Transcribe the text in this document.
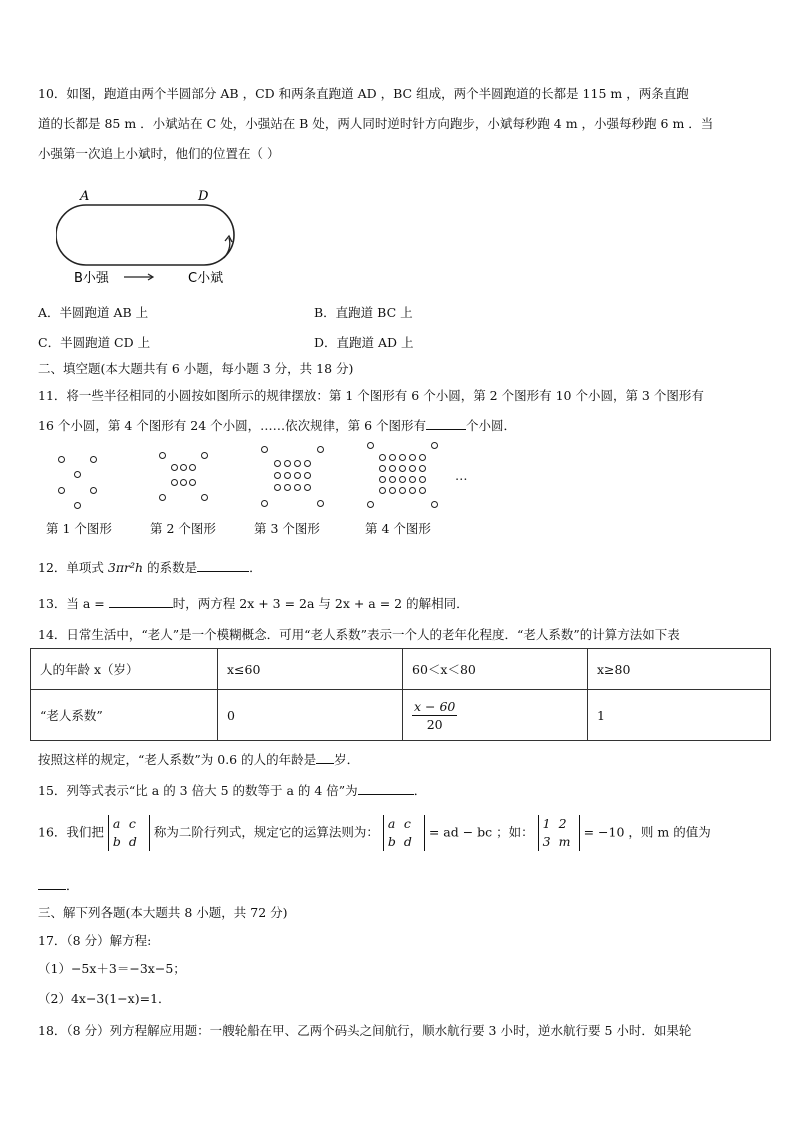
10．如图，跑道由两个半圆部分 AB ，CD 和两条直跑道 AD ，BC 组成，两个半圆跑道的长都是 115 m ，两条直跑
道的长都是 85 m ．小斌站在 C 处，小强站在 B 处，两人同时逆时针方向跑步，小斌每秒跑 4 m ，小强每秒跑 6 m ．当
小强第一次追上小斌时，他们的位置在（ ）
A	D
B小强	C小斌
A．半圆跑道 AB 上	B．直跑道 BC 上
C．半圆跑道 CD 上	D．直跑道 AD 上
二、填空题(本大题共有 6 小题，每小题 3 分，共 18 分)
11．将一些半径相同的小圆按如图所示的规律摆放：第 1 个图形有 6 个小圆，第 2 个图形有 10 个小圆，第 3 个图形有
16 个小圆，第 4 个图形有 24 个小圆，……依次规律，第 6 个图形有	个小圆．
…
第 1 个图形	第 2 个图形	第 3 个图形	第 4 个图形
12．单项式 3πr²h 的系数是	．
13．当 a =	时，两方程 2x + 3 = 2a 与 2x + a = 2 的解相同．
14．日常生活中，“老人”是一个模糊概念．可用“老人系数”表示一个人的老年化程度．“老人系数”的计算方法如下表
人的年龄 x（岁）	x≤60	60＜x＜80	x≥80
“老人系数”	0	$\frac{x - 60}{20}$	1
按照这样的规定，“老人系数”为 0.6 的人的年龄是 岁．
15．列等式表示“比 a 的 3 倍大 5 的数等于 a 的 4 倍”为	．
16．我们把 a c
b d 称为二阶行列式，规定它的运算法则为： a c
b d = ad − bc ；如： 1 2
3 m = −10 ，则 m 的值为
．
三、解下列各题(本大题共 8 小题，共 72 分)
17．（8 分）解方程:
（1）−5x＋3＝−3x−5；
（2）4x−3(1−x)=1．
18．（8 分）列方程解应用题：一艘轮船在甲、乙两个码头之间航行，顺水航行要 3 小时，逆水航行要 5 小时．如果轮
